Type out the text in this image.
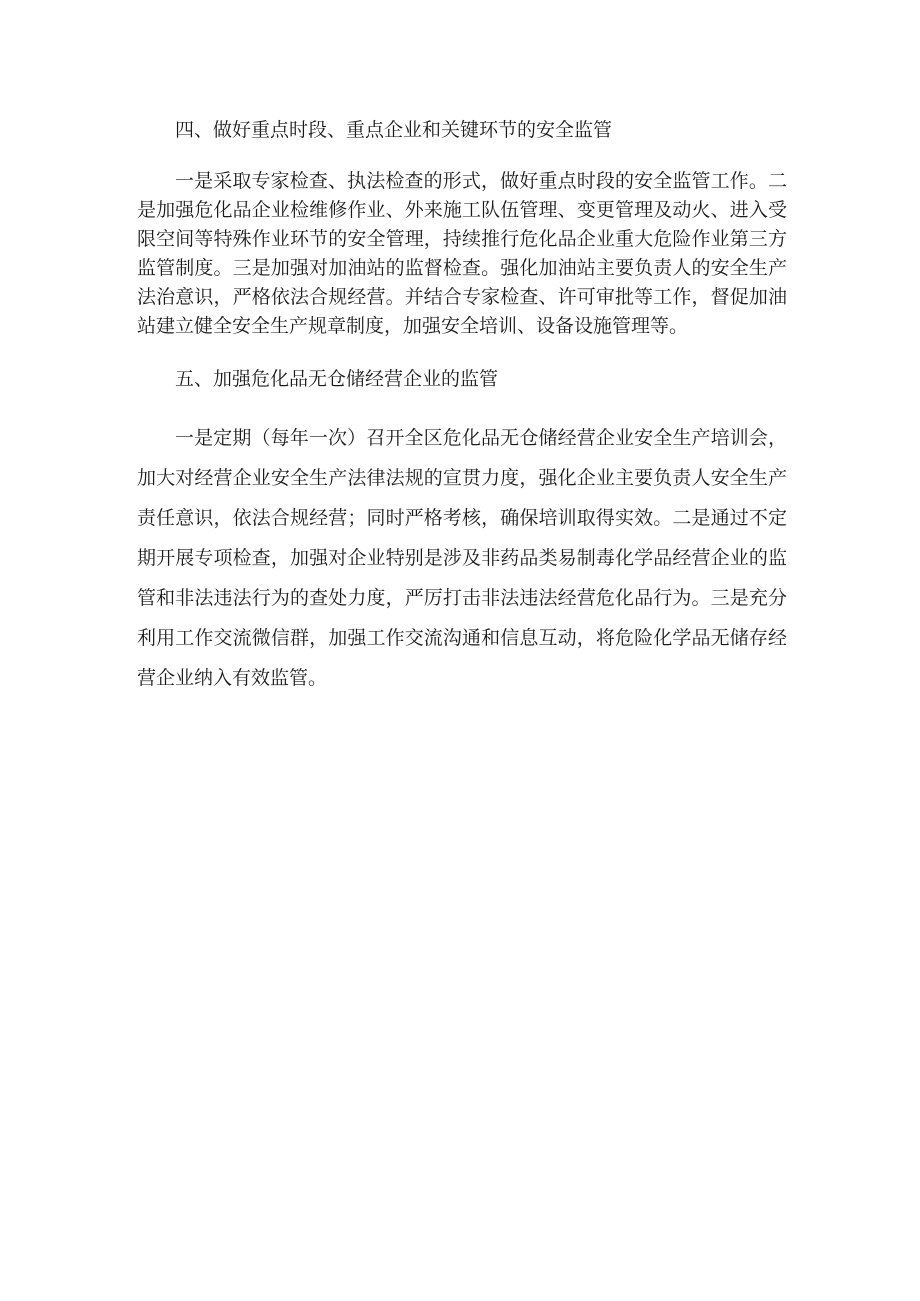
四、做好重点时段、重点企业和关键环节的安全监管

一是采取专家检查、执法检查的形式，做好重点时段的安全监管工作。二是加强危化品企业检维修作业、外来施工队伍管理、变更管理及动火、进入受限空间等特殊作业环节的安全管理，持续推行危化品企业重大危险作业第三方监管制度。三是加强对加油站的监督检查。强化加油站主要负责人的安全生产法治意识，严格依法合规经营。并结合专家检查、许可审批等工作，督促加油站建立健全安全生产规章制度，加强安全培训、设备设施管理等。

五、加强危化品无仓储经营企业的监管

一是定期（每年一次）召开全区危化品无仓储经营企业安全生产培训会，加大对经营企业安全生产法律法规的宣贯力度，强化企业主要负责人安全生产责任意识，依法合规经营；同时严格考核，确保培训取得实效。二是通过不定期开展专项检查，加强对企业特别是涉及非药品类易制毒化学品经营企业的监管和非法违法行为的查处力度，严厉打击非法违法经营危化品行为。三是充分利用工作交流微信群，加强工作交流沟通和信息互动，将危险化学品无储存经营企业纳入有效监管。
